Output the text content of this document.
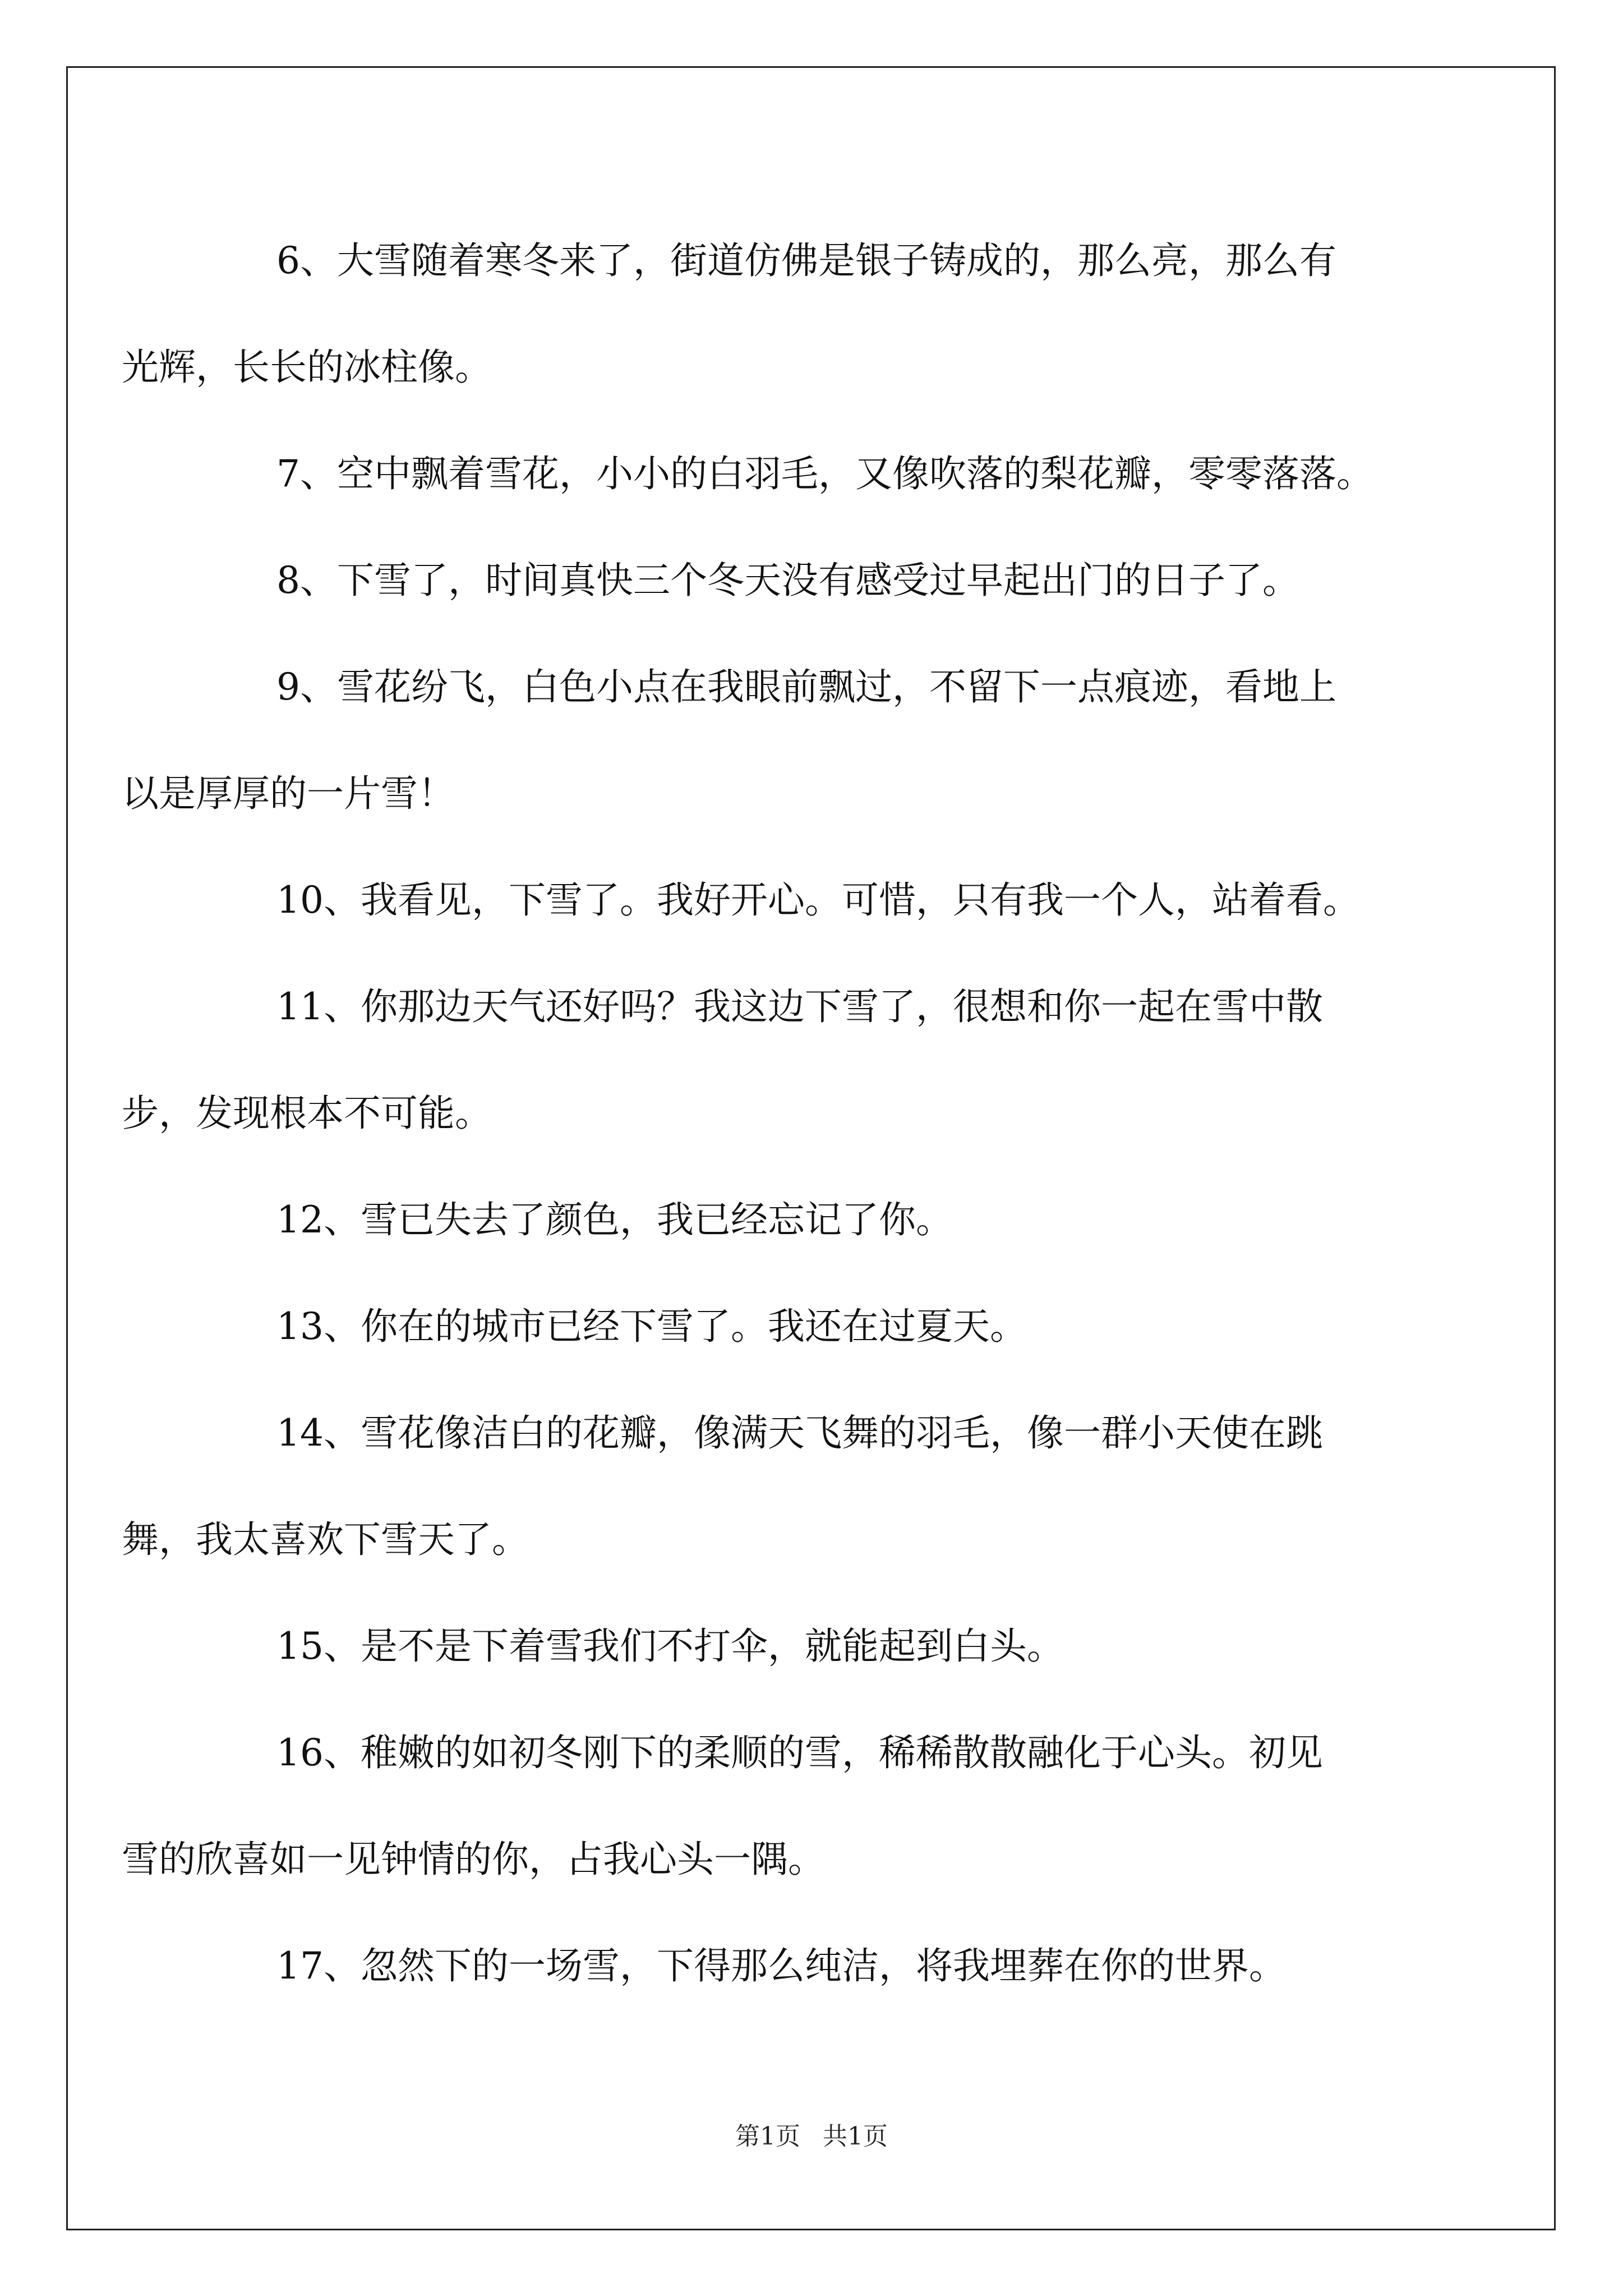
6、大雪随着寒冬来了，街道仿佛是银子铸成的，那么亮，那么有
光辉，长长的冰柱像。

7、空中飘着雪花，小小的白羽毛，又像吹落的梨花瓣，零零落落。

8、下雪了，时间真快三个冬天没有感受过早起出门的日子了。

9、雪花纷飞，白色小点在我眼前飘过，不留下一点痕迹，看地上
以是厚厚的一片雪！

10、我看见，下雪了。我好开心。可惜，只有我一个人，站着看。

11、你那边天气还好吗？我这边下雪了，很想和你一起在雪中散
步，发现根本不可能。

12、雪已失去了颜色，我已经忘记了你。

13、你在的城市已经下雪了。我还在过夏天。

14、雪花像洁白的花瓣，像满天飞舞的羽毛，像一群小天使在跳
舞，我太喜欢下雪天了。

15、是不是下着雪我们不打伞，就能起到白头。

16、稚嫩的如初冬刚下的柔顺的雪，稀稀散散融化于心头。初见
雪的欣喜如一见钟情的你，占我心头一隅。

17、忽然下的一场雪，下得那么纯洁，将我埋葬在你的世界。

第1页 共1页
